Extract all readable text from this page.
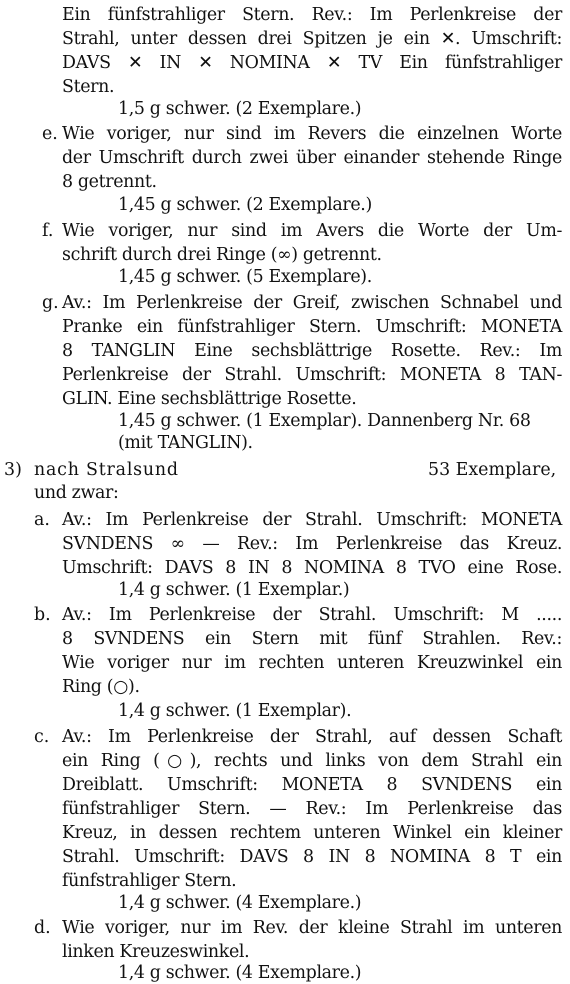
Ein fünfstrahliger Stern. Rev.: Im Perlenkreise der
Strahl, unter dessen drei Spitzen je ein ✕. Umschrift:
DAVS ✕ IN ✕ NOMINA ✕ TV Ein fünfstrahliger
Stern.
1,5 g schwer. (2 Exemplare.)
e. Wie voriger, nur sind im Revers die einzelnen Worte
der Umschrift durch zwei über einander stehende Ringe
8 getrennt.
1,45 g schwer. (2 Exemplare.)
f. Wie voriger, nur sind im Avers die Worte der Um-
schrift durch drei Ringe (∞) getrennt.
1,45 g schwer. (5 Exemplare).
g. Av.: Im Perlenkreise der Greif, zwischen Schnabel und
Pranke ein fünfstrahliger Stern. Umschrift: MONETA
8 TANGLIN Eine sechsblättrige Rosette. Rev.: Im
Perlenkreise der Strahl. Umschrift: MONETA 8 TAN-
GLIN. Eine sechsblättrige Rosette.
1,45 g schwer. (1 Exemplar). Dannenberg Nr. 68
(mit TANGLIN).
3) nach Stralsund	53 Exemplare,
und zwar:
a. Av.: Im Perlenkreise der Strahl. Umschrift: MONETA
SVNDENS ∞ — Rev.: Im Perlenkreise das Kreuz.
Umschrift: DAVS 8 IN 8 NOMINA 8 TVO eine Rose.
1,4 g schwer. (1 Exemplar.)
b. Av.: Im Perlenkreise der Strahl. Umschrift: M .....
8 SVNDENS ein Stern mit fünf Strahlen. Rev.:
Wie voriger nur im rechten unteren Kreuzwinkel ein
Ring (○).
1,4 g schwer. (1 Exemplar).
c. Av.: Im Perlenkreise der Strahl, auf dessen Schaft
ein Ring (○), rechts und links von dem Strahl ein
Dreiblatt. Umschrift: MONETA 8 SVNDENS ein
fünfstrahliger Stern. — Rev.: Im Perlenkreise das
Kreuz, in dessen rechtem unteren Winkel ein kleiner
Strahl. Umschrift: DAVS 8 IN 8 NOMINA 8 T ein
fünfstrahliger Stern.
1,4 g schwer. (4 Exemplare.)
d. Wie voriger, nur im Rev. der kleine Strahl im unteren
linken Kreuzeswinkel.
1,4 g schwer. (4 Exemplare.)
